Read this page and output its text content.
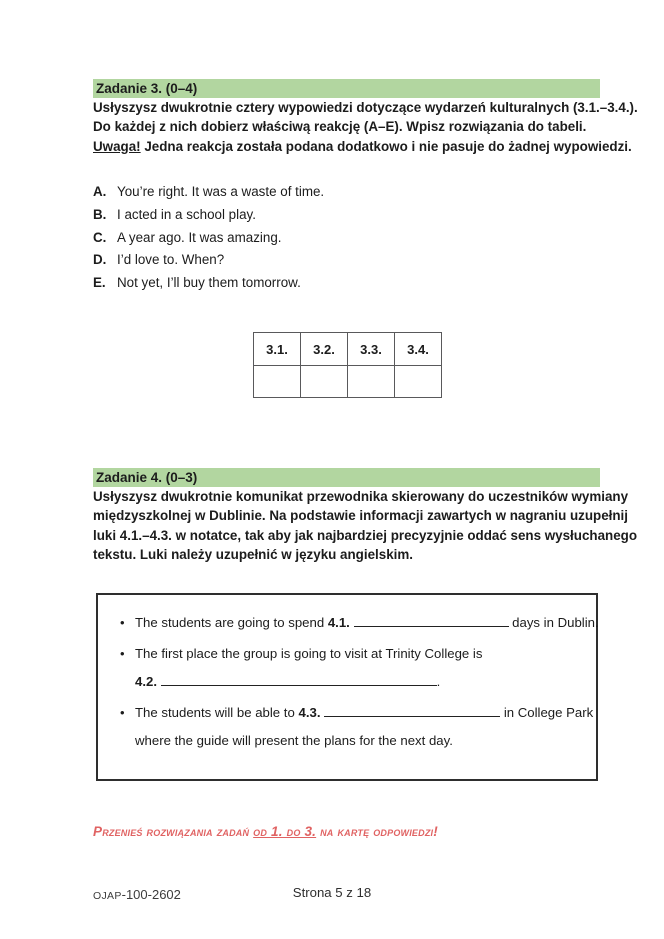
Zadanie 3. (0–4)
Usłyszysz dwukrotnie cztery wypowiedzi dotyczące wydarzeń kulturalnych (3.1.–3.4.).
Do każdej z nich dobierz właściwą reakcję (A–E). Wpisz rozwiązania do tabeli.
Uwaga! Jedna reakcja została podana dodatkowo i nie pasuje do żadnej wypowiedzi.
A. You’re right. It was a waste of time.
B. I acted in a school play.
C. A year ago. It was amazing.
D. I’d love to. When?
E. Not yet, I’ll buy them tomorrow.
3.1.	3.2.	3.3.	3.4.

Zadanie 4. (0–3)
Usłyszysz dwukrotnie komunikat przewodnika skierowany do uczestników wymiany
międzyszkolnej w Dublinie. Na podstawie informacji zawartych w nagraniu uzupełnij
luki 4.1.–4.3. w notatce, tak aby jak najbardziej precyzyjnie oddać sens wysłuchanego
tekstu. Luki należy uzupełnić w języku angielskim.
• The students are going to spend 4.1.	days in Dublin.
• The first place the group is going to visit at Trinity College is
4.2.	.
• The students will be able to 4.3.	in College Park
where the guide will present the plans for the next day.
Przenieś rozwiązania zadań od 1. do 3. na kartę odpowiedzi!
OJAP-100-2602	Strona 5 z 18
